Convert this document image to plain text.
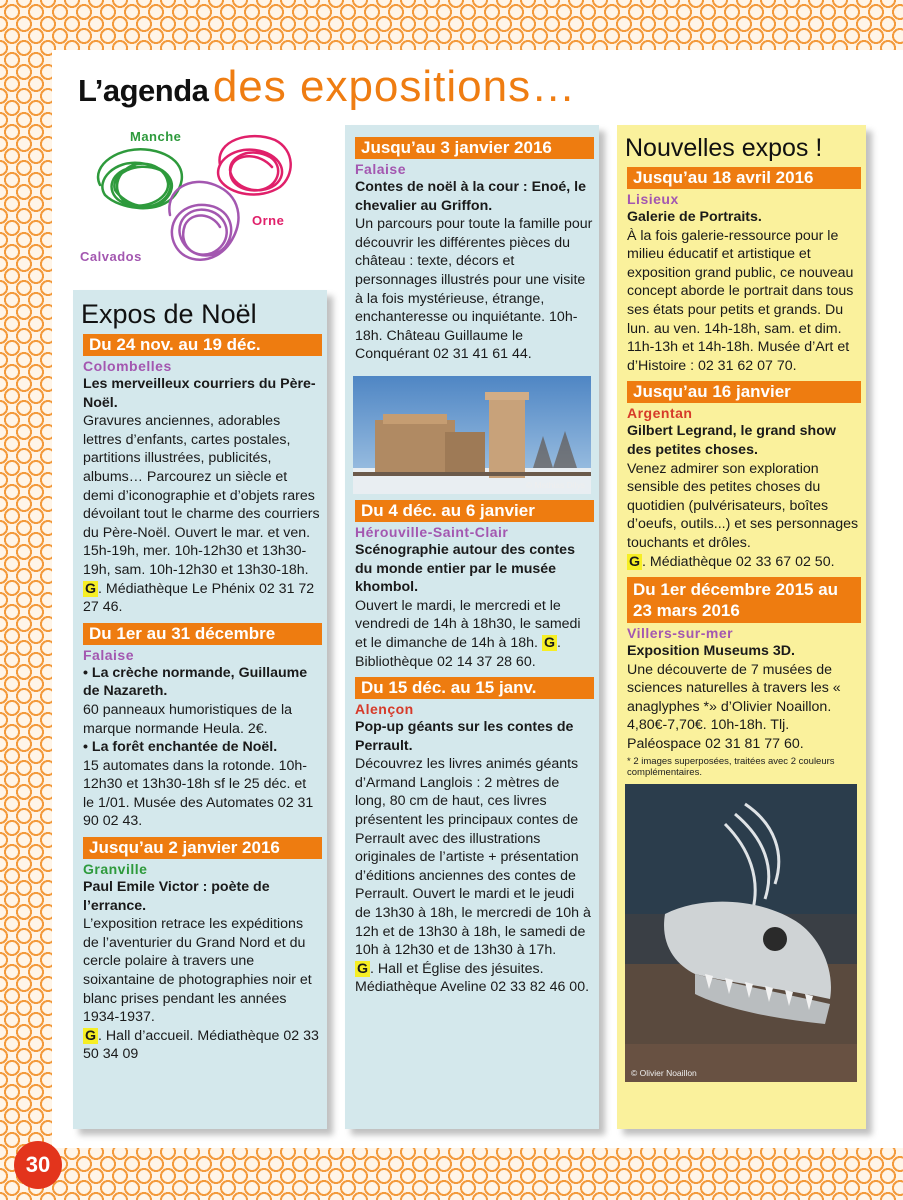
L’agenda des expositions…
Manche
Orne
Calvados
Expos de Noël
Du 24 nov. au 19 déc.
Colombelles
Les merveilleux courriers du Père-Noël.
Gravures anciennes, adorables lettres d’enfants, cartes postales, partitions illustrées, publicités, albums… Parcourez un siècle et demi d’iconographie et d’objets rares dévoilant tout le charme des courriers du Père-Noël. Ouvert le mar. et ven. 15h-19h, mer. 10h-12h30 et 13h30-19h, sam. 10h-12h30 et 13h30-18h.
G . Médiathèque Le Phénix 02 31 72 27 46.
Du 1er au 31 décembre
Falaise
• La crèche normande, Guillaume de Nazareth.
60 panneaux humoristiques de la marque normande Heula. 2€.
• La forêt enchantée de Noël.
15 automates dans la rotonde. 10h-12h30 et 13h30-18h sf le 25 déc. et le 1/01. Musée des Automates 02 31 90 02 43.
Jusqu’au 2 janvier 2016
Granville
Paul Emile Victor : poète de l’errance.
L’exposition retrace les expéditions de l’aventurier du Grand Nord et du cercle polaire à travers une soixantaine de photographies noir et blanc prises pendant les années 1934-1937.
G . Hall d’accueil. Médiathèque 02 33 50 34 09
Jusqu’au 3 janvier 2016
Falaise
Contes de noël à la cour : Enoé, le chevalier au Griffon.
Un parcours pour toute la famille pour découvrir les différentes pièces du château : texte, décors et personnages illustrés pour une visite à la fois mystérieuse, étrange, enchanteresse ou inquiétante. 10h-18h. Château Guillaume le Conquérant 02 31 41 61 44.
© Mathias Dilys
Du 4 déc. au 6 janvier
Hérouville-Saint-Clair
Scénographie autour des contes du monde entier par le musée khombol.
Ouvert le mardi, le mercredi et le vendredi de 14h à 18h30, le samedi et le dimanche de 14h à 18h. G . Bibliothèque 02 14 37 28 60.
Du 15 déc. au 15 janv.
Alençon
Pop-up géants sur les contes de Perrault.
Découvrez les livres animés géants d’Armand Langlois : 2 mètres de long, 80 cm de haut, ces livres présentent les principaux contes de Perrault avec des illustrations originales de l’artiste + présentation d’éditions anciennes des contes de Perrault. Ouvert le mardi et le jeudi de 13h30 à 18h, le mercredi de 10h à 12h et de 13h30 à 18h, le samedi de 10h à 12h30 et de 13h30 à 17h.
G . Hall et Église des jésuites. Médiathèque Aveline 02 33 82 46 00.
Nouvelles expos !
Jusqu’au 18 avril 2016
Lisieux
Galerie de Portraits.
À la fois galerie-ressource pour le milieu éducatif et artistique et exposition grand public, ce nouveau concept aborde le portrait dans tous ses états pour petits et grands. Du lun. au ven. 14h-18h, sam. et dim. 11h-13h et 14h-18h. Musée d’Art et d’Histoire : 02 31 62 07 70.
Jusqu’au 16 janvier
Argentan
Gilbert Legrand, le grand show des petites choses.
Venez admirer son exploration sensible des petites choses du quotidien (pulvérisateurs, boîtes d’oeufs, outils...) et ses personnages touchants et drôles.
G . Médiathèque 02 33 67 02 50.
Du 1er décembre 2015 au 23 mars 2016
Villers-sur-mer
Exposition Museums 3D.
Une découverte de 7 musées de sciences naturelles à travers les « anaglyphes *» d’Olivier Noaillon. 4,80€-7,70€. 10h-18h. Tlj. Paléospace 02 31 81 77 60.
* 2 images superposées, traitées avec 2 couleurs complémentaires.
© Olivier Noaillon
30
